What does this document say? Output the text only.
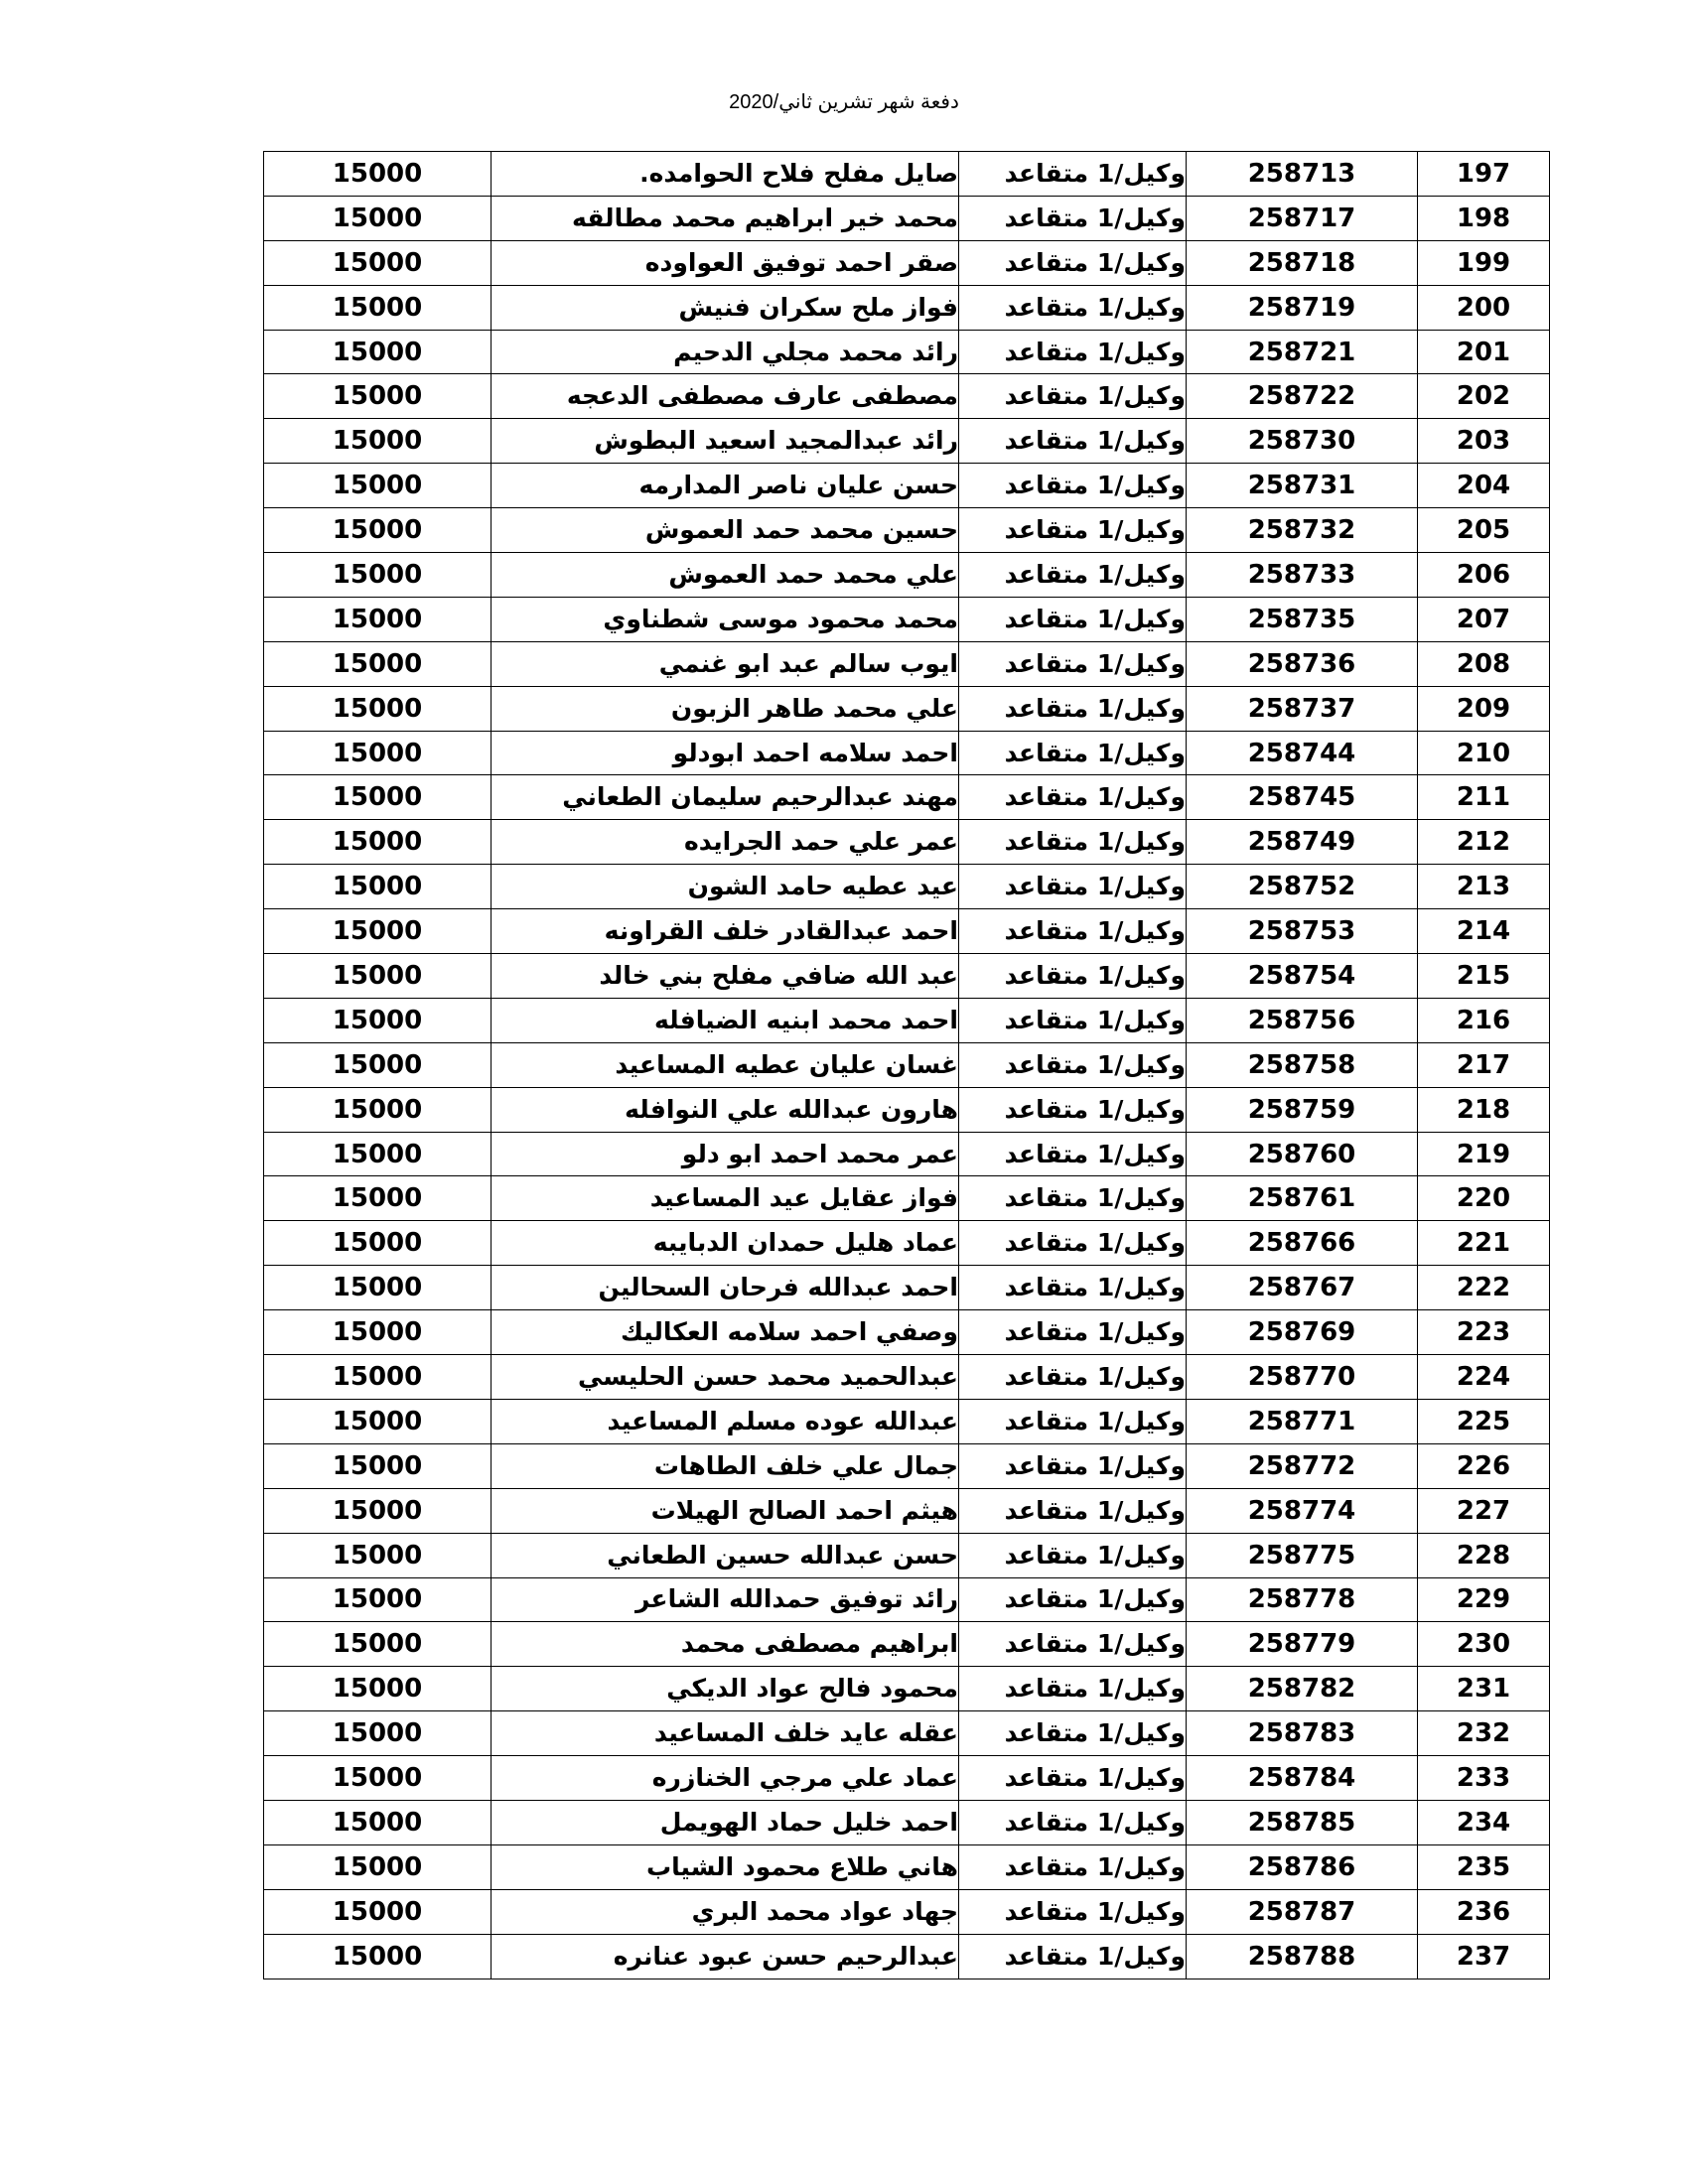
دفعة شهر تشرين ثاني/2020
197	258713	وكيل/1 متقاعد	صايل مفلح فلاح الحوامده.	15000
198	258717	وكيل/1 متقاعد	محمد خير ابراهيم محمد مطالقه	15000
199	258718	وكيل/1 متقاعد	صقر احمد توفيق العواوده	15000
200	258719	وكيل/1 متقاعد	فواز ملح سكران فنيش	15000
201	258721	وكيل/1 متقاعد	رائد محمد مجلي الدحيم	15000
202	258722	وكيل/1 متقاعد	مصطفى عارف مصطفى الدعجه	15000
203	258730	وكيل/1 متقاعد	رائد عبدالمجيد اسعيد البطوش	15000
204	258731	وكيل/1 متقاعد	حسن عليان ناصر المدارمه	15000
205	258732	وكيل/1 متقاعد	حسين محمد حمد العموش	15000
206	258733	وكيل/1 متقاعد	علي محمد حمد العموش	15000
207	258735	وكيل/1 متقاعد	محمد محمود موسى شطناوي	15000
208	258736	وكيل/1 متقاعد	ايوب سالم عبد ابو غنمي	15000
209	258737	وكيل/1 متقاعد	علي محمد طاهر الزبون	15000
210	258744	وكيل/1 متقاعد	احمد سلامه احمد ابودلو	15000
211	258745	وكيل/1 متقاعد	مهند عبدالرحيم سليمان الطعاني	15000
212	258749	وكيل/1 متقاعد	عمر علي حمد الجرايده	15000
213	258752	وكيل/1 متقاعد	عيد عطيه حامد الشون	15000
214	258753	وكيل/1 متقاعد	احمد عبدالقادر خلف القراونه	15000
215	258754	وكيل/1 متقاعد	عبد الله ضافي مفلح بني خالد	15000
216	258756	وكيل/1 متقاعد	احمد محمد ابنيه الضيافله	15000
217	258758	وكيل/1 متقاعد	غسان عليان عطيه المساعيد	15000
218	258759	وكيل/1 متقاعد	هارون عبدالله علي النوافله	15000
219	258760	وكيل/1 متقاعد	عمر محمد احمد ابو دلو	15000
220	258761	وكيل/1 متقاعد	فواز عقايل عيد المساعيد	15000
221	258766	وكيل/1 متقاعد	عماد هليل حمدان الدبايبه	15000
222	258767	وكيل/1 متقاعد	احمد عبدالله فرحان السحالين	15000
223	258769	وكيل/1 متقاعد	وصفي احمد سلامه العكاليك	15000
224	258770	وكيل/1 متقاعد	عبدالحميد محمد حسن الحليسي	15000
225	258771	وكيل/1 متقاعد	عبدالله عوده مسلم المساعيد	15000
226	258772	وكيل/1 متقاعد	جمال علي خلف الطاهات	15000
227	258774	وكيل/1 متقاعد	هيثم احمد الصالح الهيلات	15000
228	258775	وكيل/1 متقاعد	حسن عبدالله حسين الطعاني	15000
229	258778	وكيل/1 متقاعد	رائد توفيق حمدالله الشاعر	15000
230	258779	وكيل/1 متقاعد	ابراهيم مصطفى محمد	15000
231	258782	وكيل/1 متقاعد	محمود فالح عواد الديكي	15000
232	258783	وكيل/1 متقاعد	عقله عايد خلف المساعيد	15000
233	258784	وكيل/1 متقاعد	عماد علي مرجي الخنازره	15000
234	258785	وكيل/1 متقاعد	احمد خليل حماد الهويمل	15000
235	258786	وكيل/1 متقاعد	هاني طلاع محمود الشياب	15000
236	258787	وكيل/1 متقاعد	جهاد عواد محمد البري	15000
237	258788	وكيل/1 متقاعد	عبدالرحيم حسن عبود عنانره	15000
